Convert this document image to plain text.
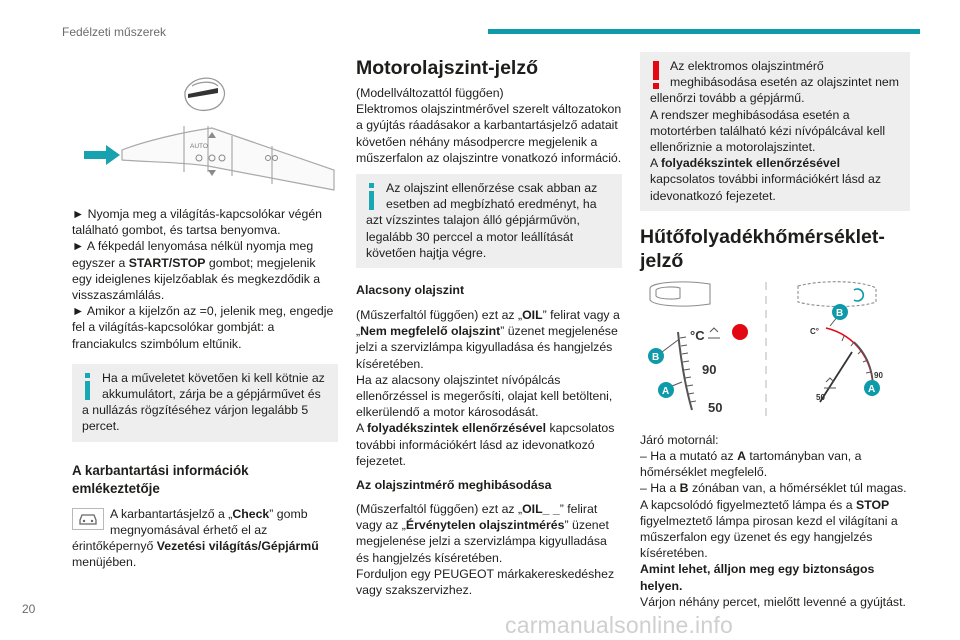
Fedélzeti műszerek
20
carmanualsonline.info
AUTO

► Nyomja meg a világítás-kapcsolókar végén található gombot, és tartsa benyomva.

► A fékpedál lenyomása nélkül nyomja meg egyszer a START/STOP gombot; megjelenik egy ideiglenes kijelzőablak és megkezdődik a visszaszámlálás.

► Amikor a kijelzőn az =0, jelenik meg, engedje fel a világítás-kapcsolókar gombját: a franciakulcs szimbólum eltűnik.

Ha a műveletet követően ki kell kötnie az akkumulátort, zárja be a gépjárművet és a nullázás rögzítéséhez várjon legalább 5 percet.
A karbantartási információk emlékeztetője

A karbantartásjelző a „Check” gomb megnyomásával érhető el az érintőképernyő Vezetési világítás/Gépjármű menüjében.

Motorolajszint-jelző

(Modellváltozattól függően)

Elektromos olajszintmérővel szerelt változatokon a gyújtás ráadásakor a karbantartásjelző adatait követően néhány másodpercre megjelenik a műszerfalon az olajszintre vonatkozó információ.

Az olajszint ellenőrzése csak abban az esetben ad megbízható eredményt, ha azt vízszintes talajon álló gépjárművön, legalább 30 perccel a motor leállítását követően hajtja végre.
Alacsony olajszint

(Műszerfaltól függően) ezt az „OIL” felirat vagy a „Nem megfelelő olajszint” üzenet megjelenése jelzi a szervizlámpa kigyulladása és hangjelzés kíséretében.

Ha az alacsony olajszintet nívópálcás ellenőrzéssel is megerősíti, olajat kell betölteni, elkerülendő a motor károsodását.

A folyadékszintek ellenőrzésével kapcsolatos további információkért lásd az idevonatkozó fejezetet.

Az olajszintmérő meghibásodása

(Műszerfaltól függően) ezt az „OIL_ _” felirat vagy az „Érvénytelen olajszintmérés” üzenet megjelenése jelzi a szervizlámpa kigyulladása és hangjelzés kíséretében.

Forduljon egy PEUGEOT márkakereskedéshez vagy szakszervizhez.

Az elektromos olajszintmérő meghibásodása esetén az olajszintet nem ellenőrzi tovább a gépjármű.
A rendszer meghibásodása esetén a motortérben található kézi nívópálcával kell ellenőriznie a motorolajszintet.
A folyadékszintek ellenőrzésével kapcsolatos további információkért lásd az idevonatkozó fejezetet.
Hűtőfolyadékhőmérséklet-jelző
°C
90
50
B
A
C°
90
50
B
A

Járó motornál:

– Ha a mutató az A tartományban van, a hőmérséklet megfelelő.

– Ha a B zónában van, a hőmérséklet túl magas. A kapcsolódó figyelmeztető lámpa és a STOP figyelmeztető lámpa pirosan kezd el világítani a műszerfalon egy üzenet és egy hangjelzés kíséretében.

Amint lehet, álljon meg egy biztonságos helyen.

Várjon néhány percet, mielőtt levenné a gyújtást.
